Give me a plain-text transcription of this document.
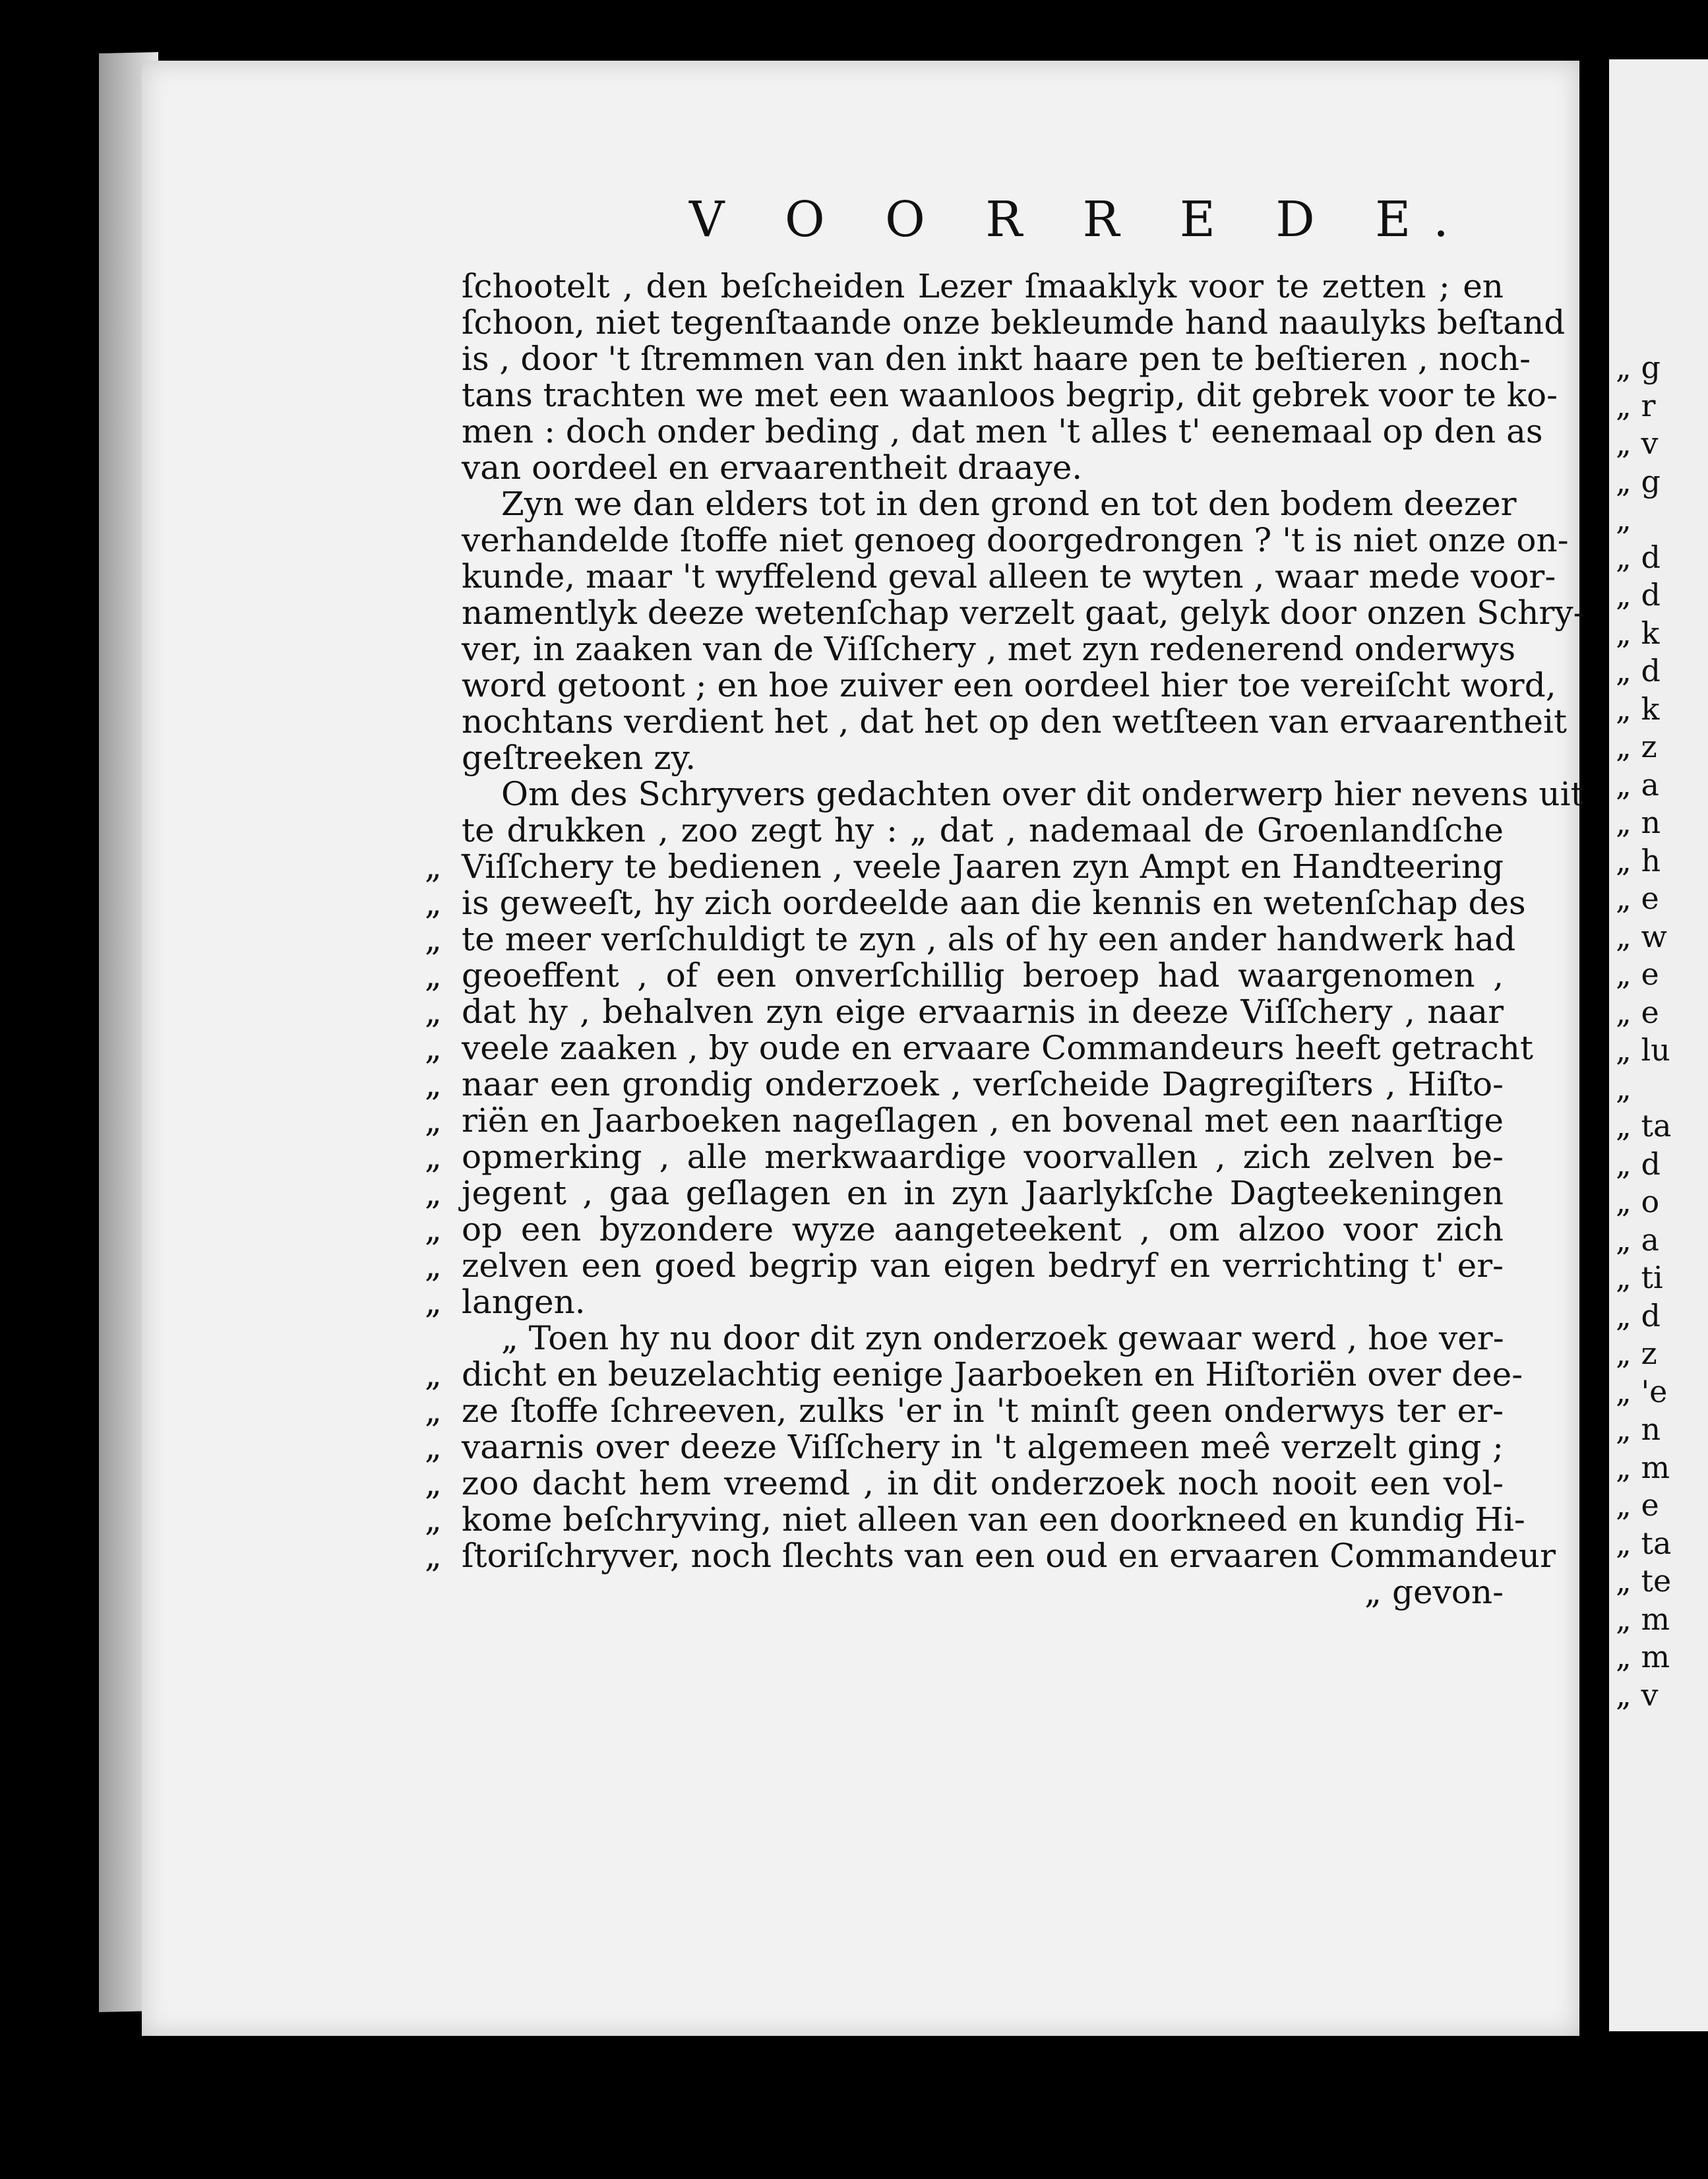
V O O R R E D E.
ſchootelt , den beſcheiden Lezer ſmaaklyk voor te zetten ; en
ſchoon, niet tegenſtaande onze bekleumde hand naaulyks beſtand
is , door 't ſtremmen van den inkt haare pen te beſtieren , noch-
tans trachten we met een waanloos begrip, dit gebrek voor te ko-
men : doch onder beding , dat men 't alles t' eenemaal op den as
van oordeel en ervaarentheit draaye.
Zyn we dan elders tot in den grond en tot den bodem deezer
verhandelde ſtoffe niet genoeg doorgedrongen ? 't is niet onze on-
kunde, maar 't wyffelend geval alleen te wyten , waar mede voor-
namentlyk deeze wetenſchap verzelt gaat, gelyk door onzen Schry-
ver, in zaaken van de Viſſchery , met zyn redenerend onderwys
word getoont ; en hoe zuiver een oordeel hier toe vereiſcht word,
nochtans verdient het , dat het op den wetſteen van ervaarentheit
geſtreeken zy.
Om des Schryvers gedachten over dit onderwerp hier nevens uit
te drukken , zoo zegt hy : „ dat , nademaal de Groenlandſche
„ Viſſchery te bedienen , veele Jaaren zyn Ampt en Handteering
„ is geweeſt, hy zich oordeelde aan die kennis en wetenſchap des
„ te meer verſchuldigt te zyn , als of hy een ander handwerk had
„ geoeffent , of een onverſchillig beroep had waargenomen ,
„ dat hy , behalven zyn eige ervaarnis in deeze Viſſchery , naar
„ veele zaaken , by oude en ervaare Commandeurs heeft getracht
„ naar een grondig onderzoek , verſcheide Dagregiſters , Hiſto-
„ riën en Jaarboeken nageſlagen , en bovenal met een naarſtige
„ opmerking , alle merkwaardige voorvallen , zich zelven be-
„ jegent , gaa geſlagen en in zyn Jaarlykſche Dagteekeningen
„ op een byzondere wyze aangeteekent , om alzoo voor zich
„ zelven een goed begrip van eigen bedryf en verrichting t' er-
„ langen.
„ Toen hy nu door dit zyn onderzoek gewaar werd , hoe ver-
„ dicht en beuzelachtig eenige Jaarboeken en Hiſtoriën over dee-
„ ze ſtoffe ſchreeven, zulks 'er in 't minſt geen onderwys ter er-
„ vaarnis over deeze Viſſchery in 't algemeen meê verzelt ging ;
„ zoo dacht hem vreemd , in dit onderzoek noch nooit een vol-
„ kome beſchryving, niet alleen van een doorkneed en kundig Hi-
„ ſtoriſchryver, noch ſlechts van een oud en ervaaren Commandeur
„ gevon-
„ g
„ r
„ v
„ g
„
„ d
„ d
„ k
„ d
„ k
„ z
„ a
„ n
„ h
„ e
„ w
„ e
„ e
„ lu
„
„ ta
„ d
„ o
„ a
„ ti
„ d
„ z
„ 'e
„ n
„ m
„ e
„ ta
„ te
„ m
„ m
„ v
